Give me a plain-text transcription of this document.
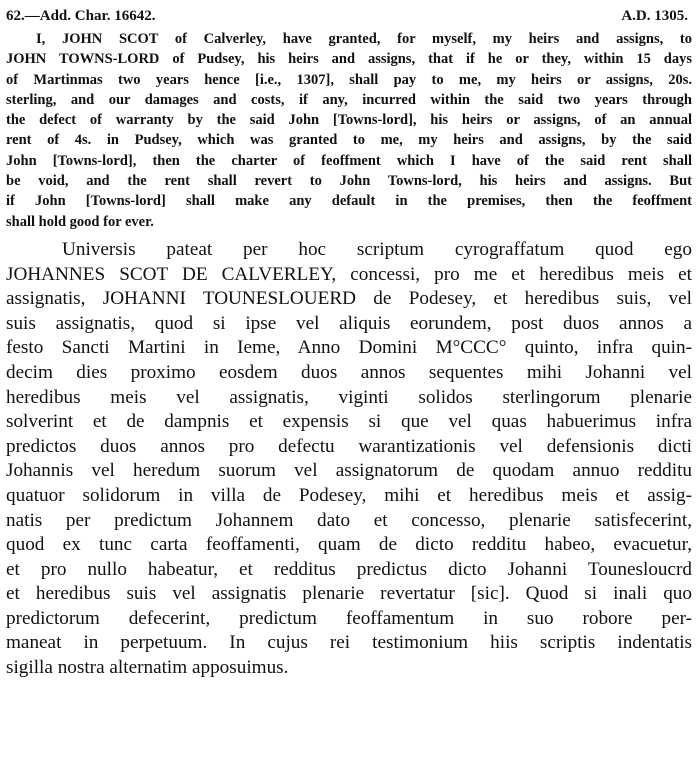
62.—Add. Char. 16642.	A.D. 1305.
I, JOHN SCOT of Calverley, have granted, for myself, my heirs and assigns, to
JOHN TOWNS-LORD of Pudsey, his heirs and assigns, that if he or they, within 15 days
of Martinmas two years hence [i.e., 1307], shall pay to me, my heirs or assigns, 20s.
sterling, and our damages and costs, if any, incurred within the said two years through
the defect of warranty by the said John [Towns-lord], his heirs or assigns, of an annual
rent of 4s. in Pudsey, which was granted to me, my heirs and assigns, by the said
John [Towns-lord], then the charter of feoffment which I have of the said rent shall
be void, and the rent shall revert to John Towns-lord, his heirs and assigns. But
if John [Towns-lord] shall make any default in the premises, then the feoffment
shall hold good for ever.
Universis pateat per hoc scriptum cyrograffatum quod ego
JOHANNES SCOT DE CALVERLEY, concessi, pro me et heredibus meis et
assignatis, JOHANNI TOUNESLOUERD de Podesey, et heredibus suis, vel
suis assignatis, quod si ipse vel aliquis eorundem, post duos annos a
festo Sancti Martini in Ieme, Anno Domini M°CCC° quinto, infra quin-
decim dies proximo eosdem duos annos sequentes mihi Johanni vel
heredibus meis vel assignatis, viginti solidos sterlingorum plenarie
solverint et de dampnis et expensis si que vel quas habuerimus infra
predictos duos annos pro defectu warantizationis vel defensionis dicti
Johannis vel heredum suorum vel assignatorum de quodam annuo redditu
quatuor solidorum in villa de Podesey, mihi et heredibus meis et assig-
natis per predictum Johannem dato et concesso, plenarie satisfecerint,
quod ex tunc carta feoffamenti, quam de dicto redditu habeo, evacuetur,
et pro nullo habeatur, et redditus predictus dicto Johanni Tounesloucrd
et heredibus suis vel assignatis plenarie revertatur [sic]. Quod si inali quo
predictorum defecerint, predictum feoffamentum in suo robore per-
maneat in perpetuum. In cujus rei testimonium hiis scriptis indentatis
sigilla nostra alternatim apposuimus.
